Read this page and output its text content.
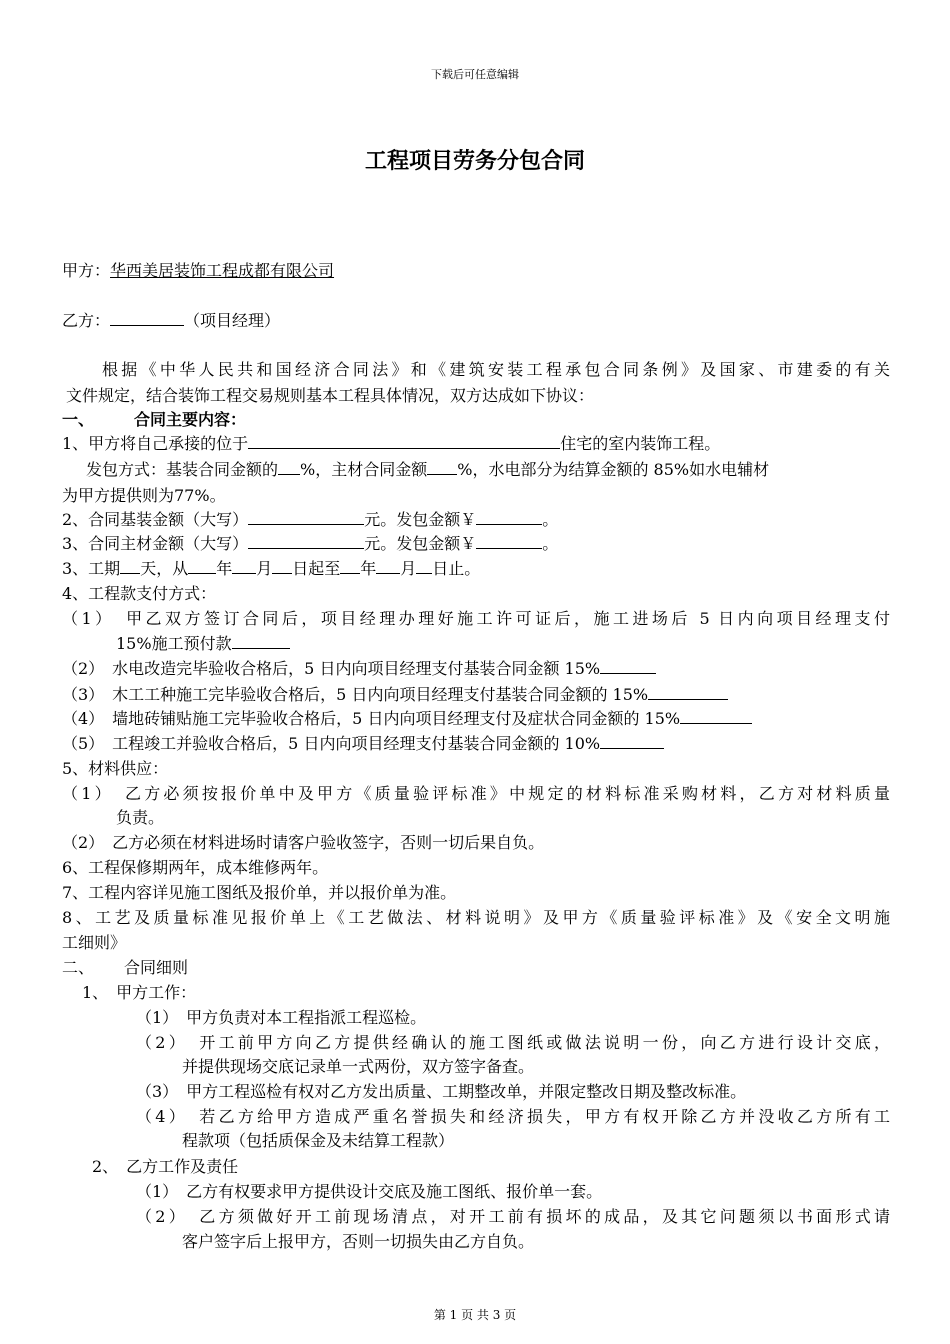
下载后可任意编辑
工程项目劳务分包合同
甲方：华西美居装饰工程成都有限公司
乙方：	（项目经理）
根据《中华人民共和国经济合同法》和《建筑安装工程承包合同条例》及国家、市建委的有关
文件规定，结合装饰工程交易规则基本工程具体情况，双方达成如下协议：
一、	合同主要内容：
1、甲方将自己承接的位于	住宅的室内装饰工程。
发包方式：基装合同金额的 %，主材合同金额 %，水电部分为结算金额的 85%如水电辅材
为甲方提供则为77%。
2、合同基装金额（大写）	元。发包金额￥	。
3、合同主材金额（大写）	元。发包金额￥	。
3、工期 天，从 年 月 日起至 年 月 日止。
4、工程款支付方式：
（1）　甲乙双方签订合同后，项目经理办理好施工许可证后，施工进场后 5 日内向项目经理支付
15%施工预付款
（2）　水电改造完毕验收合格后，5 日内向项目经理支付基装合同金额 15%
（3）　木工工种施工完毕验收合格后，5 日内向项目经理支付基装合同金额的 15%
（4）　墙地砖铺贴施工完毕验收合格后，5 日内向项目经理支付及症状合同金额的 15%
（5）　工程竣工并验收合格后，5 日内向项目经理支付基装合同金额的 10%
5、材料供应：
（1）　乙方必须按报价单中及甲方《质量验评标准》中规定的材料标准采购材料，乙方对材料质量
负责。
（2）　乙方必须在材料进场时请客户验收签字，否则一切后果自负。
6、工程保修期两年，成本维修两年。
7、工程内容详见施工图纸及报价单，并以报价单为准。
8、工艺及质量标准见报价单上《工艺做法、材料说明》及甲方《质量验评标准》及《安全文明施
工细则》
二、 合同细则
1、　甲方工作：
（1）　甲方负责对本工程指派工程巡检。
（2）　开工前甲方向乙方提供经确认的施工图纸或做法说明一份，向乙方进行设计交底，
并提供现场交底记录单一式两份，双方签字备查。
（3）　甲方工程巡检有权对乙方发出质量、工期整改单，并限定整改日期及整改标准。
（4）　若乙方给甲方造成严重名誉损失和经济损失，甲方有权开除乙方并没收乙方所有工
程款项（包括质保金及未结算工程款）
2、　乙方工作及责任
（1）　乙方有权要求甲方提供设计交底及施工图纸、报价单一套。
（2）　乙方须做好开工前现场清点，对开工前有损坏的成品，及其它问题须以书面形式请
客户签字后上报甲方，否则一切损失由乙方自负。
第 1 页 共 3 页
